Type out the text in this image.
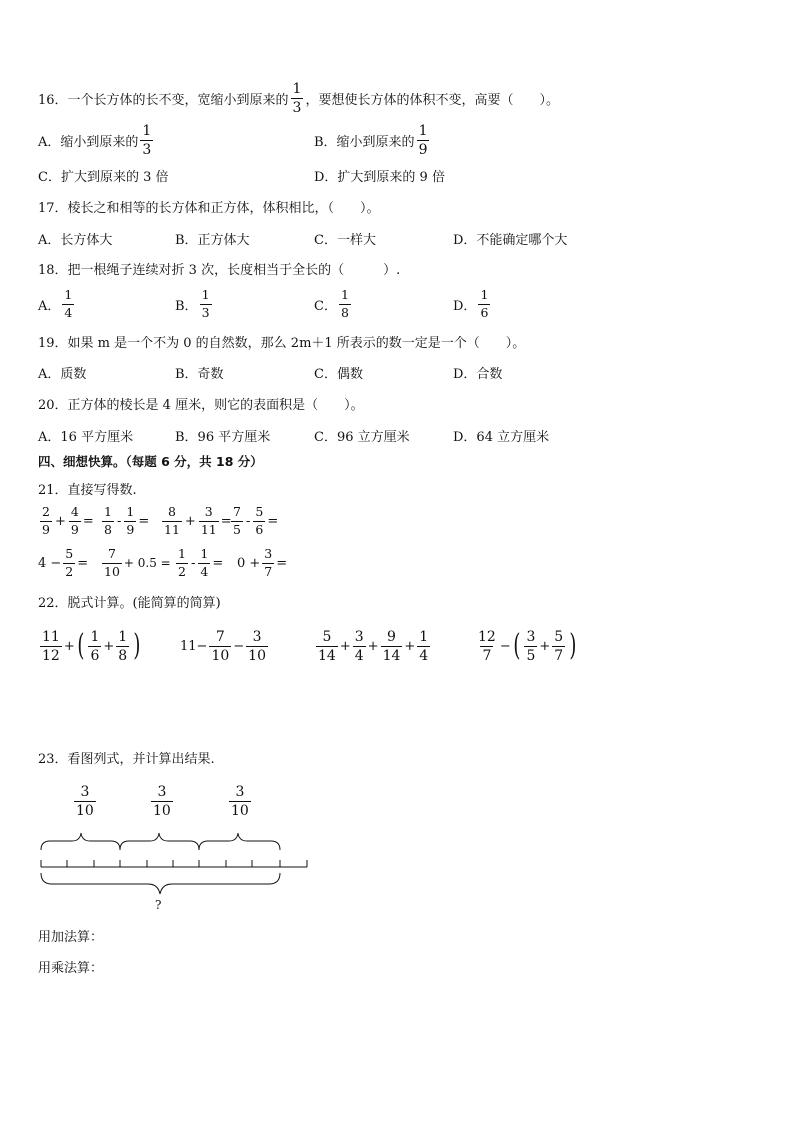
16．一个长方体的长不变，宽缩小到原来的 $\frac{1}{3}$ ，要想使长方体的体积不变，高要（　　）。
A．缩小到原来的 $\frac{1}{3}$	B．缩小到原来的 $\frac{1}{9}$
C．扩大到原来的 3 倍	D．扩大到原来的 9 倍
17．棱长之和相等的长方体和正方体，体积相比，（　　）。
A．长方体大	B．正方体大	C．一样大	D．不能确定哪个大
18．把一根绳子连续对折 3 次，长度相当于全长的（　　　）.
A． $\frac{1}{4}$	B． $\frac{1}{3}$	C． $\frac{1}{8}$	D． $\frac{1}{6}$
19．如果 m 是一个不为 0 的自然数，那么 2m＋1 所表示的数一定是一个（　　）。
A．质数	B．奇数	C．偶数	D．合数
20．正方体的棱长是 4 厘米，则它的表面积是（　　）。
A．16 平方厘米	B．96 平方厘米	C．96 立方厘米	D．64 立方厘米
四、细想快算。（每题 6 分，共 18 分）
21．直接写得数.
$\frac{2}{9} + \frac{4}{9} = \frac{1}{8} - \frac{1}{9} = \frac{8}{11} + \frac{3}{11} = \frac{7}{5} - \frac{5}{6}$ =
$4 - \frac{5}{2} = \frac{7}{10} + 0.5 = \frac{1}{2} - \frac{1}{4} = 0 + \frac{3}{7}$ =
22．脱式计算。(能简算的简算)
$\frac{11}{12}$ + ( $\frac{1}{6} + \frac{1}{8}$ )	$11- \frac{7}{10} - \frac{3}{10}$	$\frac{5}{14} + \frac{3}{4} + \frac{9}{14} + \frac{1}{4}$	$\frac{12}{7}$ − ( $\frac{3}{5} + \frac{5}{7}$ )
23．看图列式，并计算出结果.
$\frac{3}{10}$	$\frac{3}{10}$	$\frac{3}{10}$
?
用加法算：
用乘法算：
